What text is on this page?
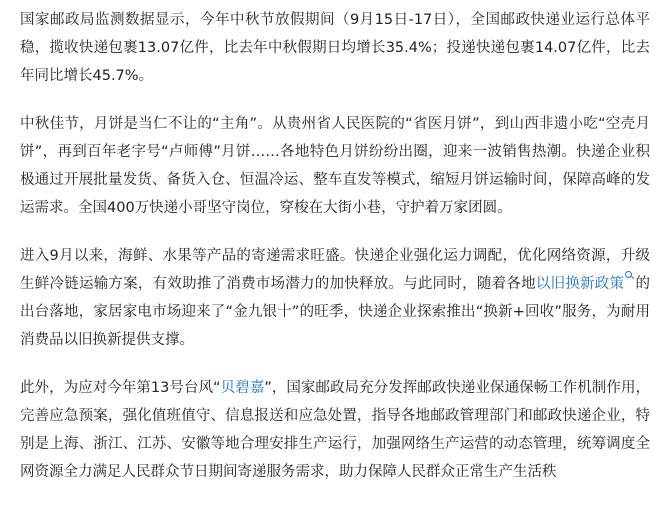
国家邮政局监测数据显示，今年中秋节放假期间（9月15日-17日），全国邮政快递业运行总体平稳，揽收快递包裹13.07亿件，比去年中秋假期日均增长35.4%；投递快递包裹14.07亿件，比去年同比增长45.7%。

中秋佳节，月饼是当仁不让的“主角”。从贵州省人民医院的“省医月饼”，到山西非遗小吃“空壳月饼”，再到百年老字号“卢师傅”月饼……各地特色月饼纷纷出圈，迎来一波销售热潮。快递企业积极通过开展批量发货、备货入仓、恒温冷运、整车直发等模式，缩短月饼运输时间，保障高峰的发运需求。全国400万快递小哥坚守岗位，穿梭在大街小巷，守护着万家团圆。

进入9月以来，海鲜、水果等产品的寄递需求旺盛。快递企业强化运力调配，优化网络资源，升级生鲜冷链运输方案，有效助推了消费市场潜力的加快释放。与此同时，随着各地以旧换新政策 的出台落地，家居家电市场迎来了“金九银十”的旺季，快递企业探索推出“换新+回收”服务，为耐用消费品以旧换新提供支撑。

此外，为应对今年第13号台风“贝碧嘉”，国家邮政局充分发挥邮政快递业保通保畅工作机制作用，完善应急预案，强化值班值守、信息报送和应急处置，指导各地邮政管理部门和邮政快递企业，特别是上海、浙江、江苏、安徽等地合理安排生产运行，加强网络生产运营的动态管理，统筹调度全网资源全力满足人民群众节日期间寄递服务需求，助力保障人民群众正常生产生活秩
